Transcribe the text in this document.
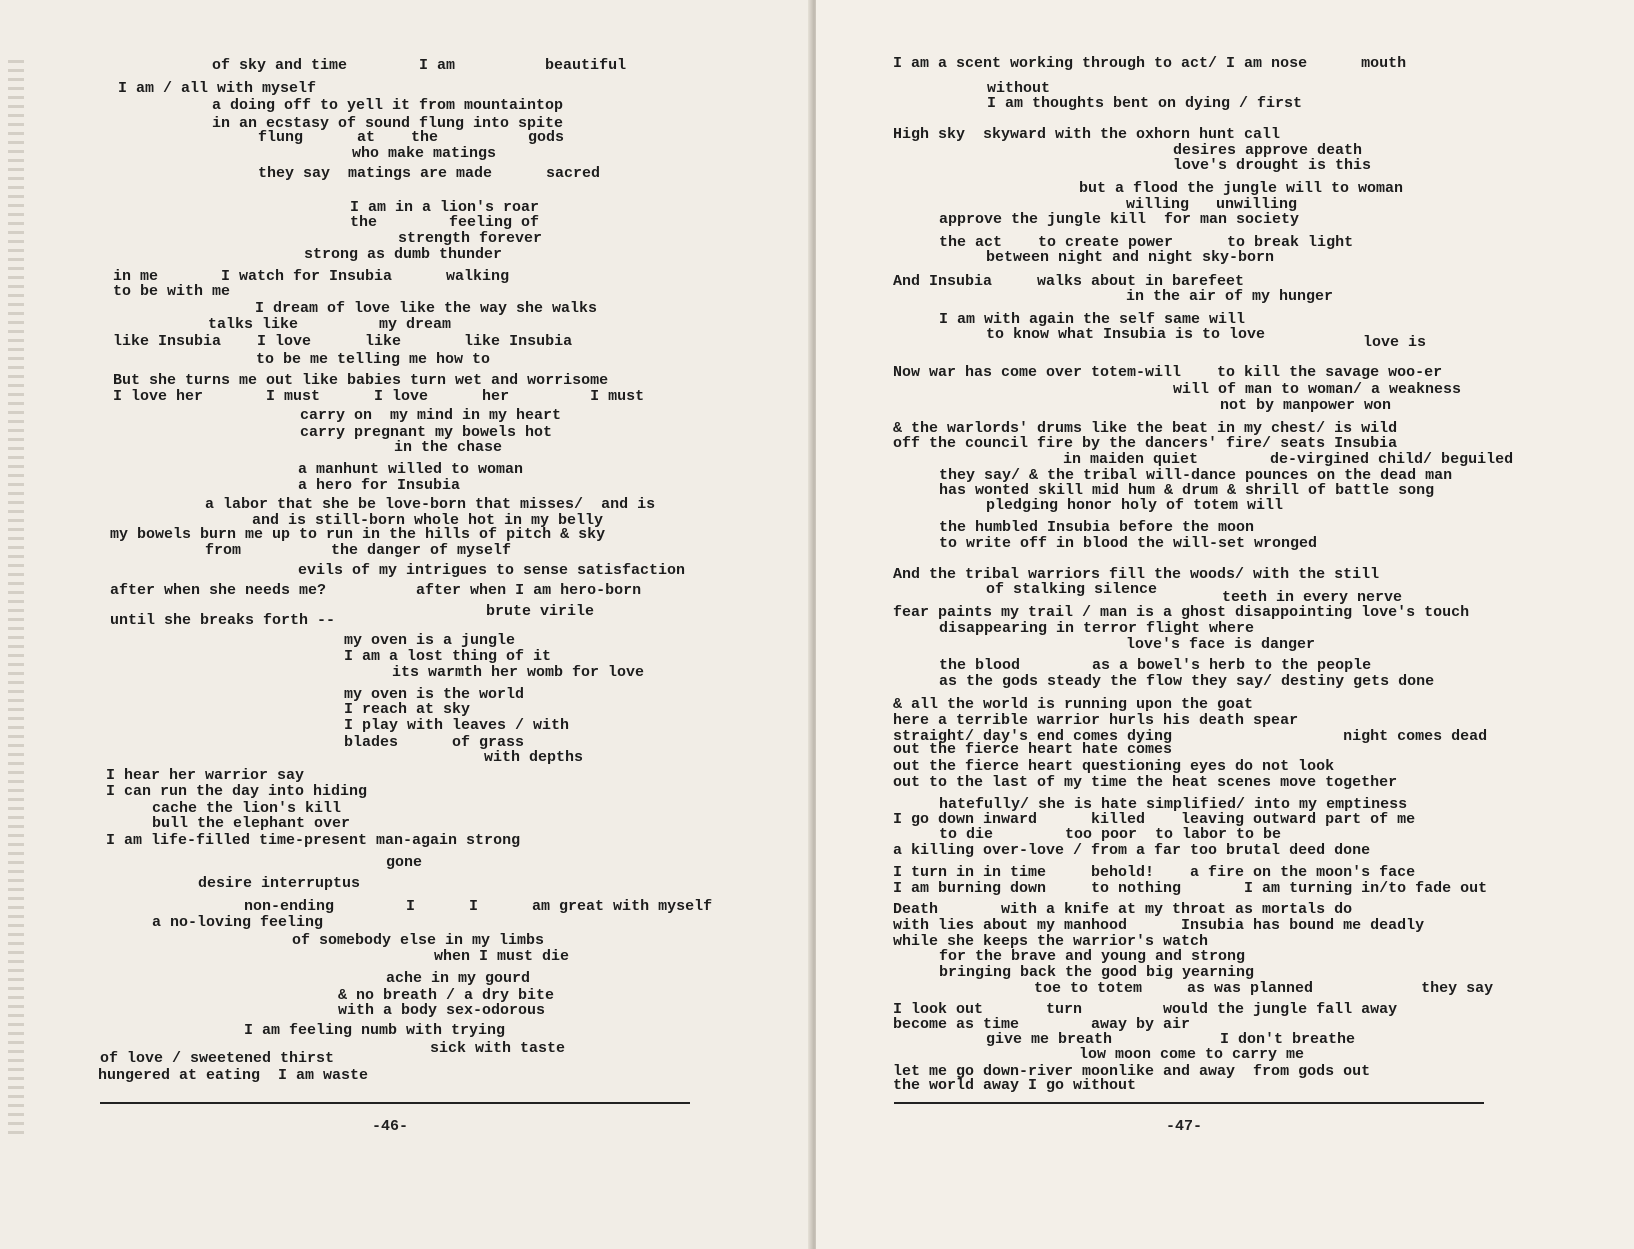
of sky and time        I am          beautiful
I am / all with myself
a doing off to yell it from mountaintop
in an ecstasy of sound flung into spite
flung      at    the          gods
who make matings
they say  matings are made      sacred
I am in a lion's roar
the        feeling of
strength forever
strong as dumb thunder
in me       I watch for Insubia      walking
to be with me
I dream of love like the way she walks
talks like         my dream
like Insubia    I love      like       like Insubia
to be me telling me how to
But she turns me out like babies turn wet and worrisome
I love her       I must      I love      her         I must
carry on  my mind in my heart
carry pregnant my bowels hot
in the chase
a manhunt willed to woman
a hero for Insubia
a labor that she be love-born that misses/  and is
and is still-born whole hot in my belly
my bowels burn me up to run in the hills of pitch & sky
from          the danger of myself
evils of my intrigues to sense satisfaction
after when she needs me?          after when I am hero-born
brute virile
until she breaks forth --
my oven is a jungle
I am a lost thing of it
its warmth her womb for love
my oven is the world
I reach at sky
I play with leaves / with
blades      of grass
with depths
I hear her warrior say
I can run the day into hiding
cache the lion's kill
bull the elephant over
I am life-filled time-present man-again strong
gone
desire interruptus
non-ending        I      I      am great with myself
a no-loving feeling
of somebody else in my limbs
when I must die
ache in my gourd
& no breath / a dry bite
with a body sex-odorous
I am feeling numb with trying
sick with taste
of love / sweetened thirst
hungered at eating  I am waste
-46-
I am a scent working through to act/ I am nose      mouth
without
I am thoughts bent on dying / first
High sky  skyward with the oxhorn hunt call
desires approve death
love's drought is this
but a flood the jungle will to woman
willing   unwilling
approve the jungle kill  for man society
the act    to create power      to break light
between night and night sky-born
And Insubia     walks about in barefeet
in the air of my hunger
I am with again the self same will
to know what Insubia is to love	love is
Now war has come over totem-will    to kill the savage woo-er
will of man to woman/ a weakness
not by manpower won
& the warlords' drums like the beat in my chest/ is wild
off the council fire by the dancers' fire/ seats Insubia
in maiden quiet        de-virgined child/ beguiled
they say/ & the tribal will-dance pounces on the dead man
has wonted skill mid hum & drum & shrill of battle song
pledging honor holy of totem will
the humbled Insubia before the moon
to write off in blood the will-set wronged
And the tribal warriors fill the woods/ with the still
of stalking silence	teeth in every nerve
fear paints my trail / man is a ghost disappointing love's touch
disappearing in terror flight where
love's face is danger
the blood        as a bowel's herb to the people
as the gods steady the flow they say/ destiny gets done
& all the world is running upon the goat
here a terrible warrior hurls his death spear
straight/ day's end comes dying                   night comes dead
out the fierce heart hate comes
out the fierce heart questioning eyes do not look
out to the last of my time the heat scenes move together
hatefully/ she is hate simplified/ into my emptiness
I go down inward      killed    leaving outward part of me
to die        too poor  to labor to be
a killing over-love / from a far too brutal deed done
I turn in in time     behold!    a fire on the moon's face
I am burning down     to nothing       I am turning in/to fade out
Death       with a knife at my throat as mortals do
with lies about my manhood      Insubia has bound me deadly
while she keeps the warrior's watch
for the brave and young and strong
bringing back the good big yearning
toe to totem     as was planned            they say
I look out       turn         would the jungle fall away
become as time        away by air
give me breath            I don't breathe
low moon come to carry me
let me go down-river moonlike and away  from gods out
the world away I go without
-47-
